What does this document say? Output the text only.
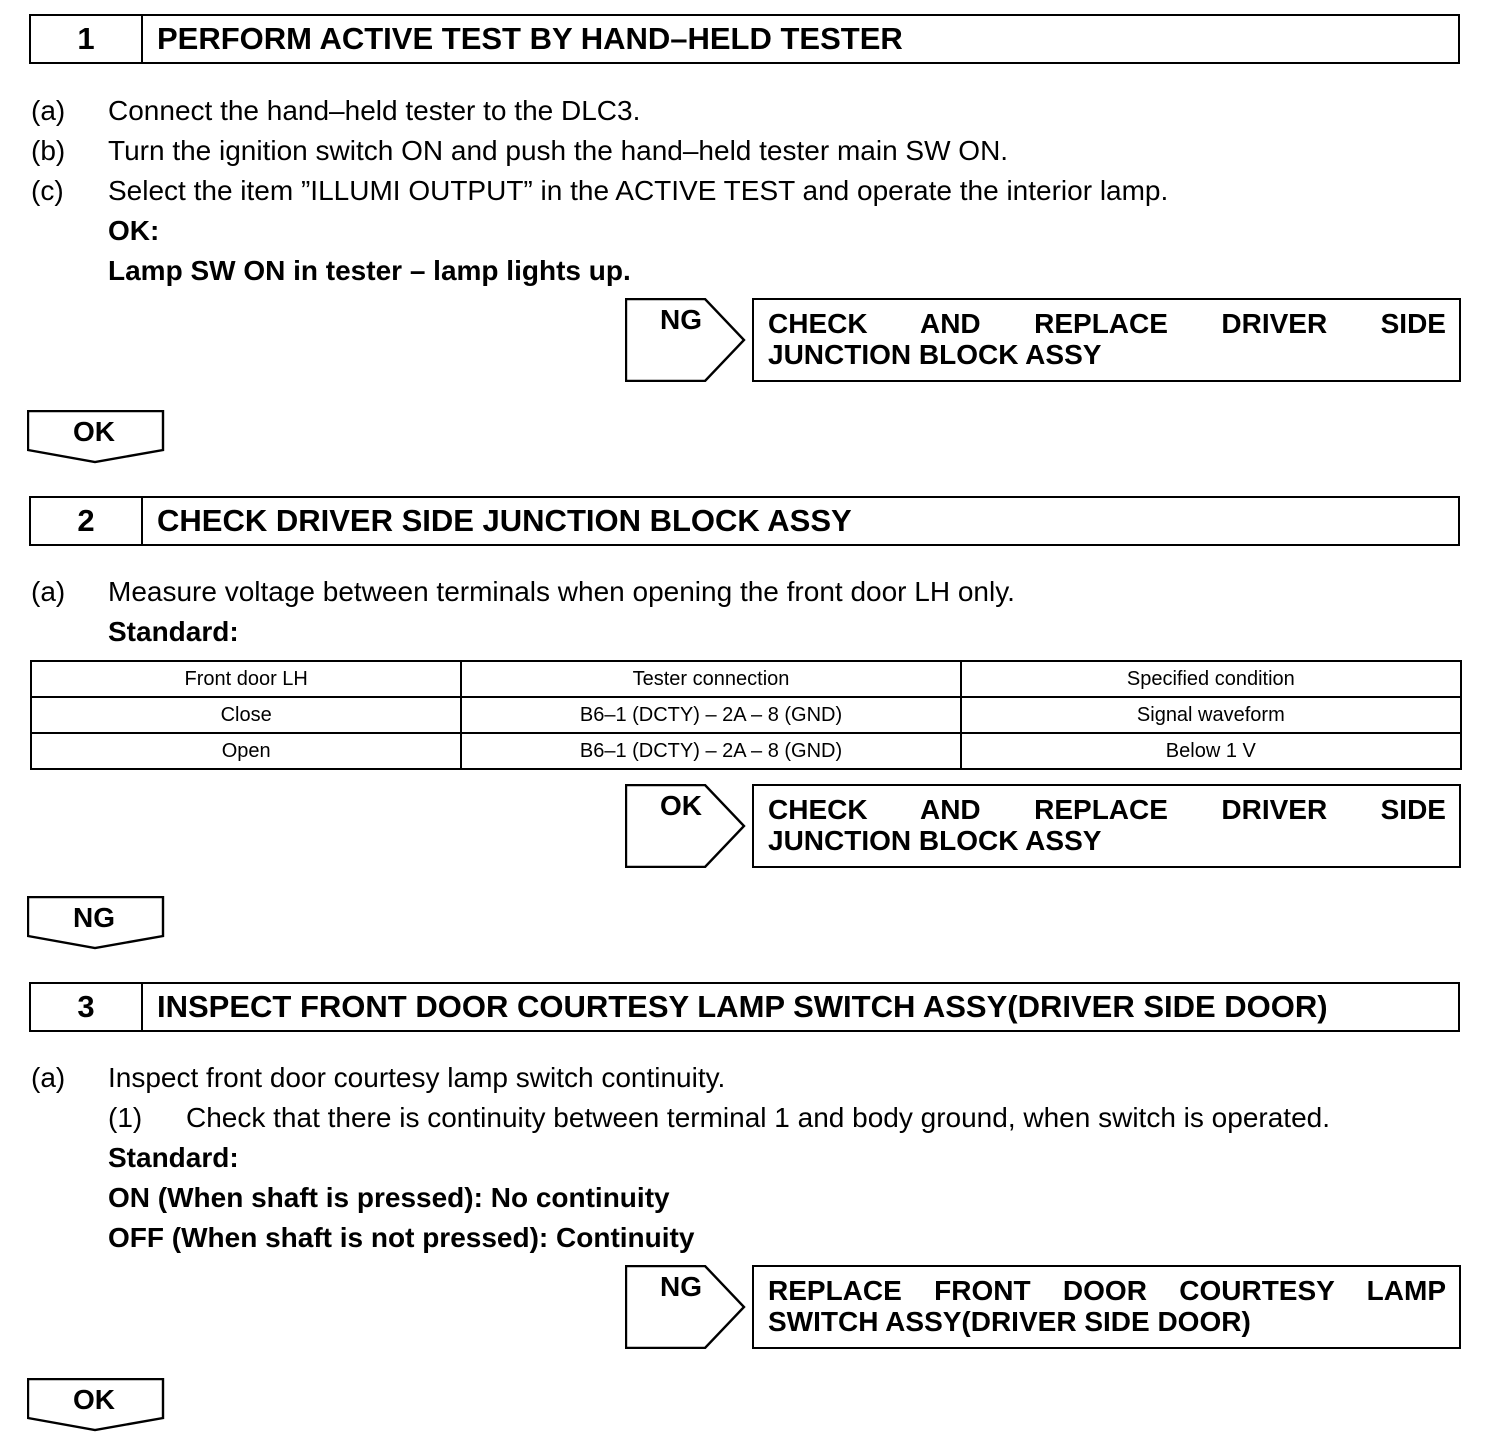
1	PERFORM ACTIVE TEST BY HAND–HELD TESTER
(a) Connect the hand–held tester to the DLC3.
(b) Turn the ignition switch ON and push the hand–held tester main SW ON.
(c) Select the item ”ILLUMI OUTPUT” in the ACTIVE TEST and operate the interior lamp.
OK:
Lamp SW ON in tester – lamp lights up.
NG	CHECK AND REPLACE DRIVER SIDE
JUNCTION BLOCK ASSY
OK
2	CHECK DRIVER SIDE JUNCTION BLOCK ASSY
(a) Measure voltage between terminals when opening the front door LH only.
Standard:
Front door LH	Tester connection	Specified condition
Close	B6–1 (DCTY) – 2A – 8 (GND)	Signal waveform
Open	B6–1 (DCTY) – 2A – 8 (GND)	Below 1 V
OK	CHECK AND REPLACE DRIVER SIDE
JUNCTION BLOCK ASSY
NG
3	INSPECT FRONT DOOR COURTESY LAMP SWITCH ASSY(DRIVER SIDE DOOR)
(a) Inspect front door courtesy lamp switch continuity.
(1) Check that there is continuity between terminal 1 and body ground, when switch is operated.
Standard:
ON (When shaft is pressed): No continuity
OFF (When shaft is not pressed): Continuity
NG	REPLACE FRONT DOOR COURTESY LAMP
SWITCH ASSY(DRIVER SIDE DOOR)
OK
